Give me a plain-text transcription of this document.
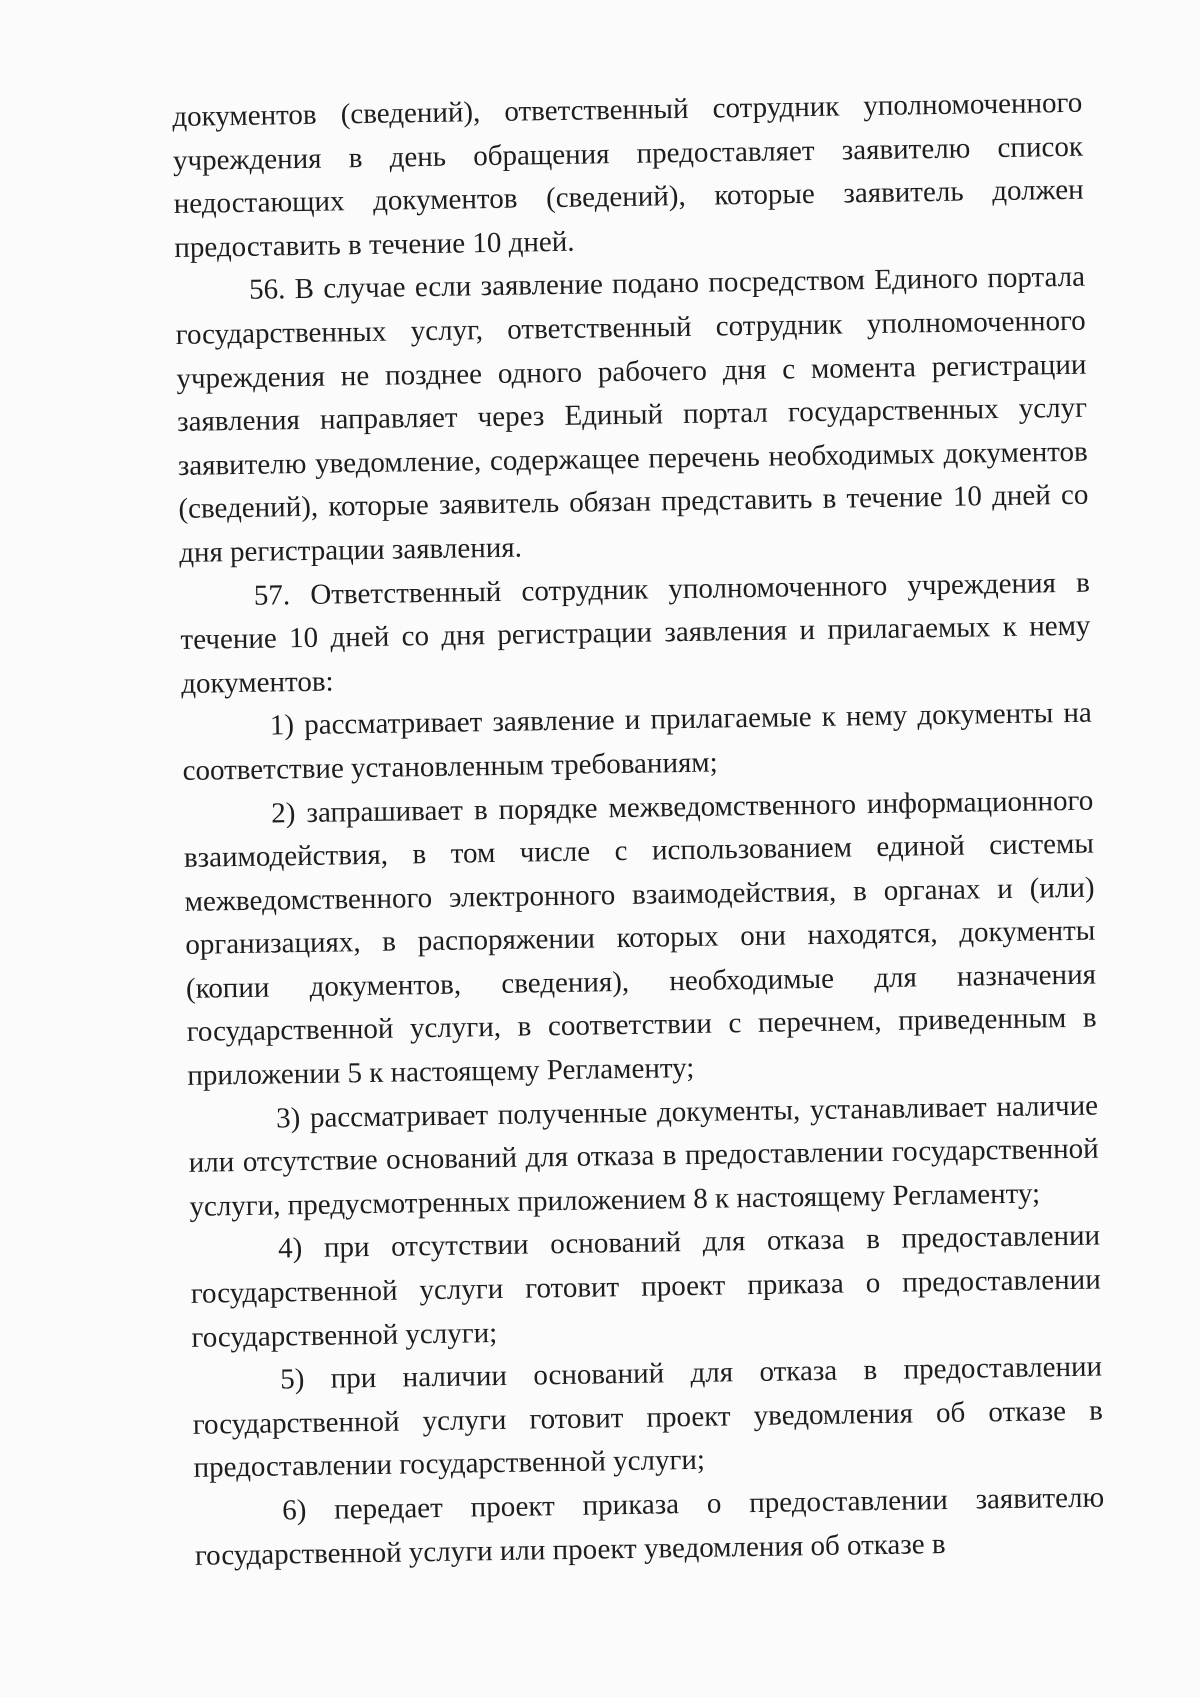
документов (сведений), ответственный сотрудник уполномоченного учреждения в день обращения предоставляет заявителю список недостающих документов (сведений), которые заявитель должен предоставить в течение 10 дней.

56. В случае если заявление подано посредством Единого портала государственных услуг, ответственный сотрудник уполномоченного учреждения не позднее одного рабочего дня с момента регистрации заявления направляет через Единый портал государственных услуг заявителю уведомление, содержащее перечень необходимых документов (сведений), которые заявитель обязан представить в течение 10 дней со дня регистрации заявления.

57. Ответственный сотрудник уполномоченного учреждения в течение 10 дней со дня регистрации заявления и прилагаемых к нему документов:

1) рассматривает заявление и прилагаемые к нему документы на соответствие установленным требованиям;

2) запрашивает в порядке межведомственного информационного взаимодействия, в том числе с использованием единой системы межведомственного электронного взаимодействия, в органах и (или) организациях, в распоряжении которых они находятся, документы (копии документов, сведения), необходимые для назначения государственной услуги, в соответствии с перечнем, приведенным в приложении 5 к настоящему Регламенту;

3) рассматривает полученные документы, устанавливает наличие или отсутствие оснований для отказа в предоставлении государственной услуги, предусмотренных приложением 8 к настоящему Регламенту;

4) при отсутствии оснований для отказа в предоставлении государственной услуги готовит проект приказа о предоставлении государственной услуги;

5) при наличии оснований для отказа в предоставлении государственной услуги готовит проект уведомления об отказе в предоставлении государственной услуги;

6) передает проект приказа о предоставлении заявителю государственной услуги или проект уведомления об отказе в
